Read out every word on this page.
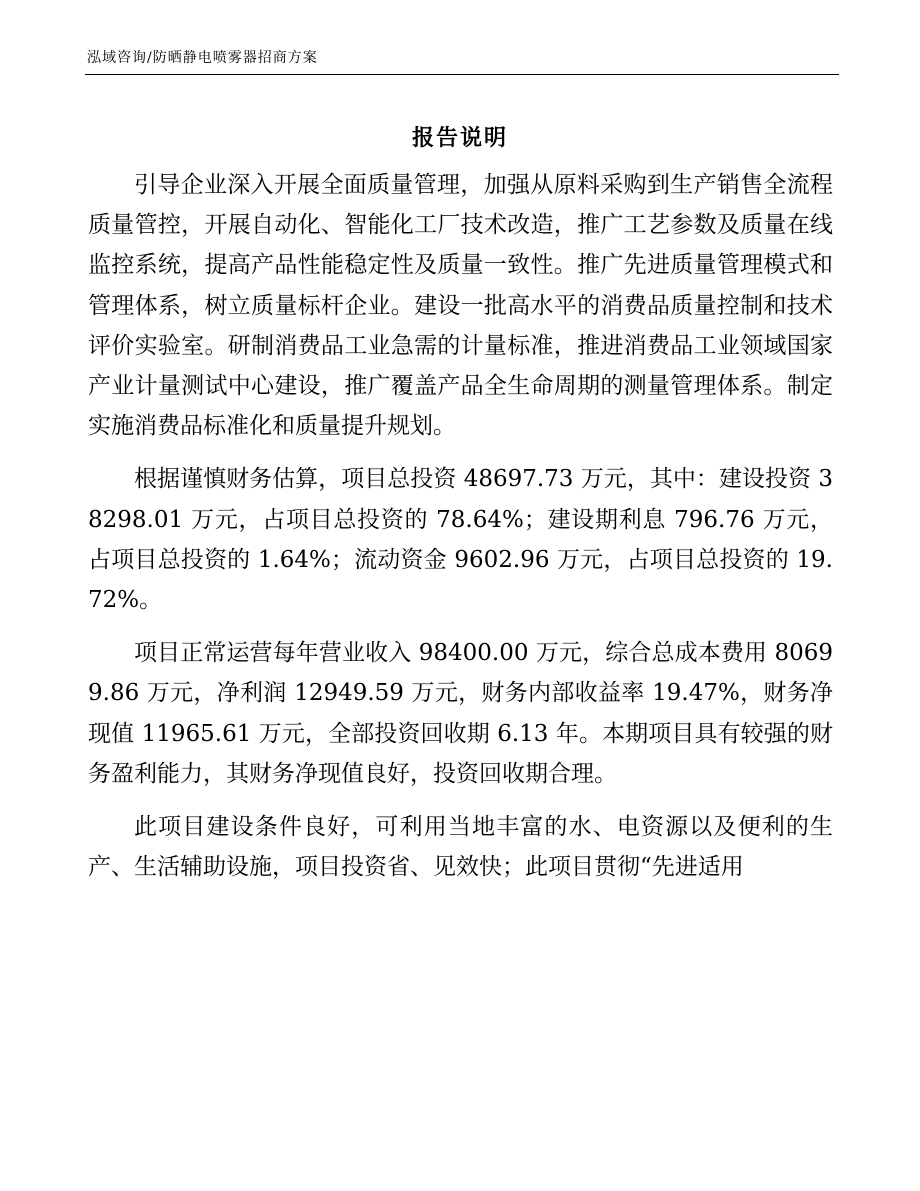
泓域咨询/防晒静电喷雾器招商方案
报告说明

引导企业深入开展全面质量管理，加强从原料采购到生产销售全流程质量管控，开展自动化、智能化工厂技术改造，推广工艺参数及质量在线监控系统，提高产品性能稳定性及质量一致性。推广先进质量管理模式和管理体系，树立质量标杆企业。建设一批高水平的消费品质量控制和技术评价实验室。研制消费品工业急需的计量标准，推进消费品工业领域国家产业计量测试中心建设，推广覆盖产品全生命周期的测量管理体系。制定实施消费品标准化和质量提升规划。

根据谨慎财务估算，项目总投资 48697.73 万元，其中：建设投资 38298.01 万元，占项目总投资的 78.64%；建设期利息 796.76 万元，占项目总投资的 1.64%；流动资金 9602.96 万元，占项目总投资的 19.72%。

项目正常运营每年营业收入 98400.00 万元，综合总成本费用 80699.86 万元，净利润 12949.59 万元，财务内部收益率 19.47%，财务净现值 11965.61 万元，全部投资回收期 6.13 年。本期项目具有较强的财务盈利能力，其财务净现值良好，投资回收期合理。

此项目建设条件良好，可利用当地丰富的水、电资源以及便利的生产、生活辅助设施，项目投资省、见效快；此项目贯彻“先进适用
